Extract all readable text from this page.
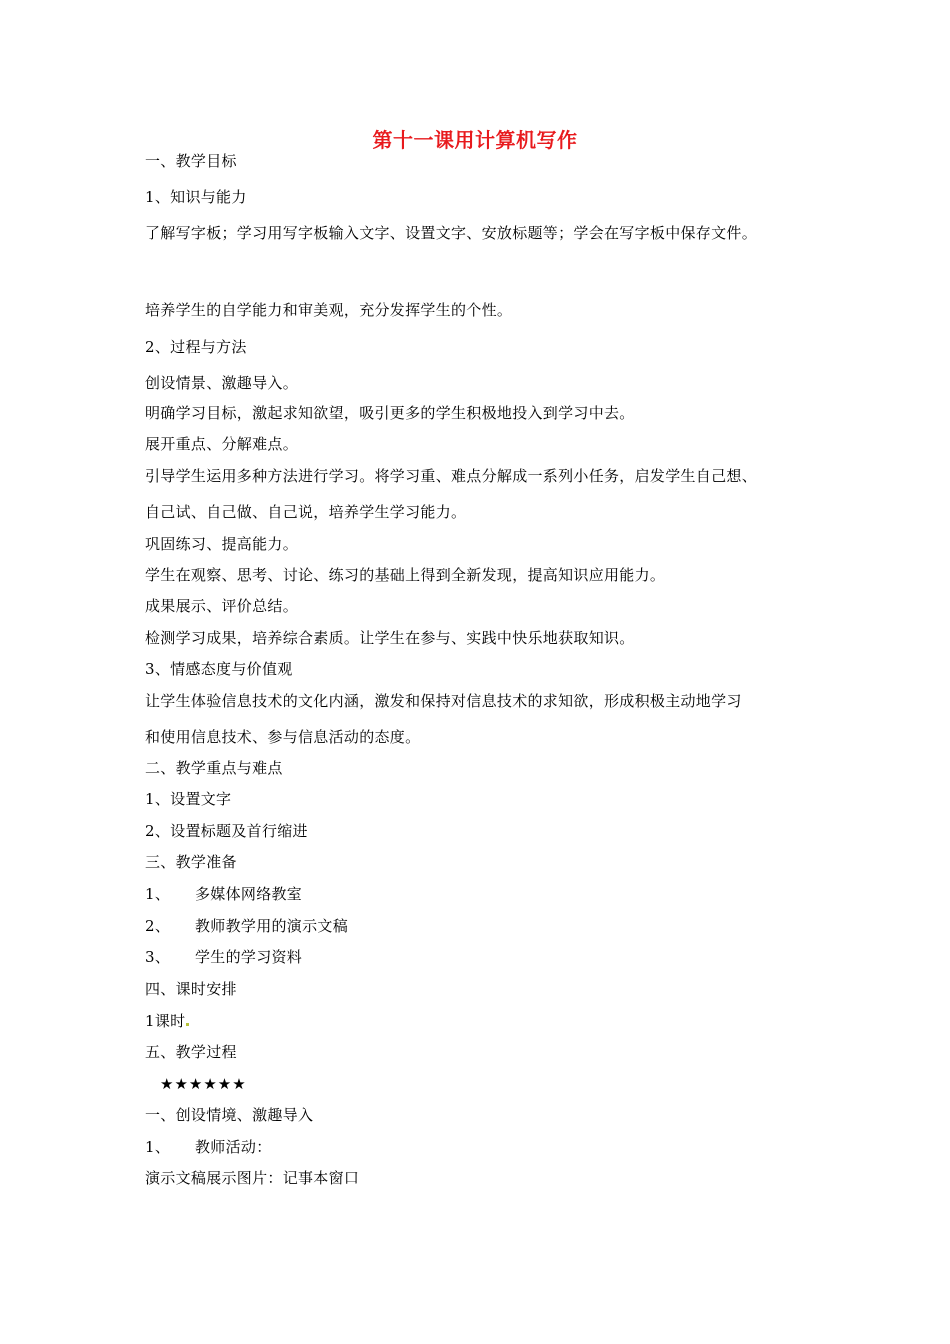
第十一课用计算机写作
一、教学目标
1、知识与能力
了解写字板；学习用写字板输入文字、设置文字、安放标题等；学会在写字板中保存文件。
培养学生的自学能力和审美观，充分发挥学生的个性。
2、过程与方法
创设情景、激趣导入。
明确学习目标，激起求知欲望，吸引更多的学生积极地投入到学习中去。
展开重点、分解难点。
引导学生运用多种方法进行学习。将学习重、难点分解成一系列小任务，启发学生自己想、
自己试、自己做、自己说，培养学生学习能力。
巩固练习、提高能力。
学生在观察、思考、讨论、练习的基础上得到全新发现，提高知识应用能力。
成果展示、评价总结。
检测学习成果，培养综合素质。让学生在参与、实践中快乐地获取知识。
3、情感态度与价值观
让学生体验信息技术的文化内涵，激发和保持对信息技术的求知欲，形成积极主动地学习
和使用信息技术、参与信息活动的态度。
二、教学重点与难点
1、设置文字
2、设置标题及首行缩进
三、教学准备
1、 多媒体网络教室
2、 教师教学用的演示文稿
3、 学生的学习资料
四、课时安排
1课时
五、教学过程
★★★★★★
一、创设情境、激趣导入
1、 教师活动：
演示文稿展示图片：记事本窗口
